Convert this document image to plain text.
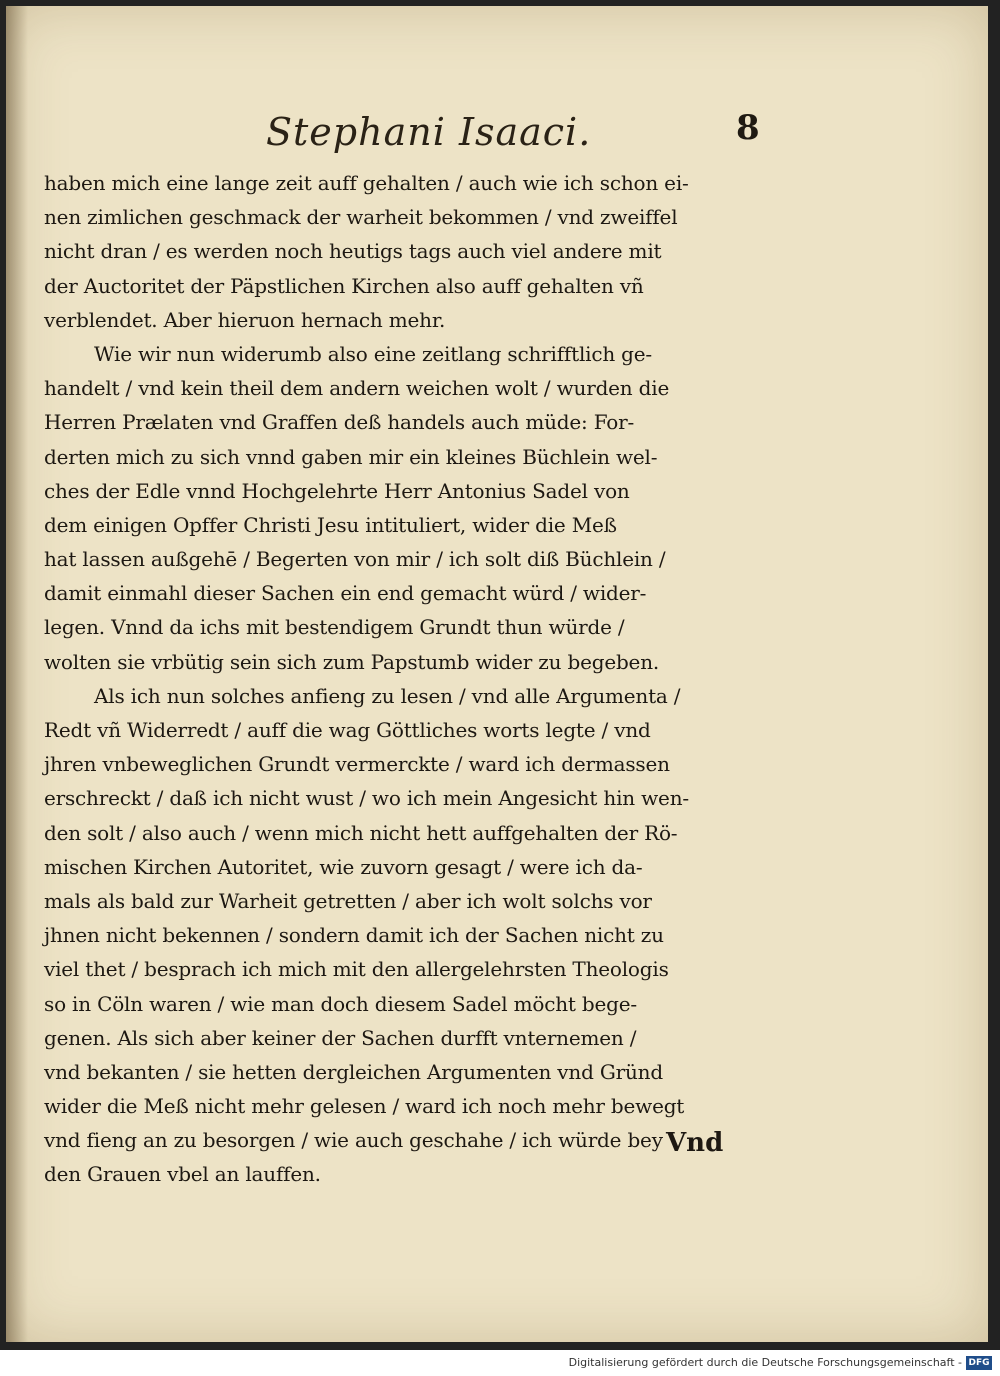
Stephani Isaaci.	8
haben mich eine lange zeit auff gehalten / auch wie ich schon ei-
nen zimlichen geschmack der warheit bekommen / vnd zweiffel
nicht dran / es werden noch heutigs tags auch viel andere mit
der Auctoritet der Päpstlichen Kirchen also auff gehalten vñ
verblendet. Aber hieruon hernach mehr.
Wie wir nun widerumb also eine zeitlang schrifftlich ge-
handelt / vnd kein theil dem andern weichen wolt / wurden die
Herren Prælaten vnd Graffen deß handels auch müde: For-
derten mich zu sich vnnd gaben mir ein kleines Büchlein wel-
ches der Edle vnnd Hochgelehrte Herr Antonius Sadel von
dem einigen Opffer Christi Jesu intituliert, wider die Meß
hat lassen außgehē / Begerten von mir / ich solt diß Büchlein /
damit einmahl dieser Sachen ein end gemacht würd / wider-
legen. Vnnd da ichs mit bestendigem Grundt thun würde /
wolten sie vrbütig sein sich zum Papstumb wider zu begeben.
Als ich nun solches anfieng zu lesen / vnd alle Argumenta /
Redt vñ Widerredt / auff die wag Göttliches worts legte / vnd
jhren vnbeweglichen Grundt vermerckte / ward ich dermassen
erschreckt / daß ich nicht wust / wo ich mein Angesicht hin wen-
den solt / also auch / wenn mich nicht hett auffgehalten der Rö-
mischen Kirchen Autoritet, wie zuvorn gesagt / were ich da-
mals als bald zur Warheit getretten / aber ich wolt solchs vor
jhnen nicht bekennen / sondern damit ich der Sachen nicht zu
viel thet / besprach ich mich mit den allergelehrsten Theologis
so in Cöln waren / wie man doch diesem Sadel möcht bege-
genen. Als sich aber keiner der Sachen durfft vnternemen /
vnd bekanten / sie hetten dergleichen Argumenten vnd Gründ
wider die Meß nicht mehr gelesen / ward ich noch mehr bewegt
vnd fieng an zu besorgen / wie auch geschahe / ich würde bey
den Grauen vbel an lauffen.
Vnd
Digitalisierung gefördert durch die Deutsche Forschungsgemeinschaft - DFG
